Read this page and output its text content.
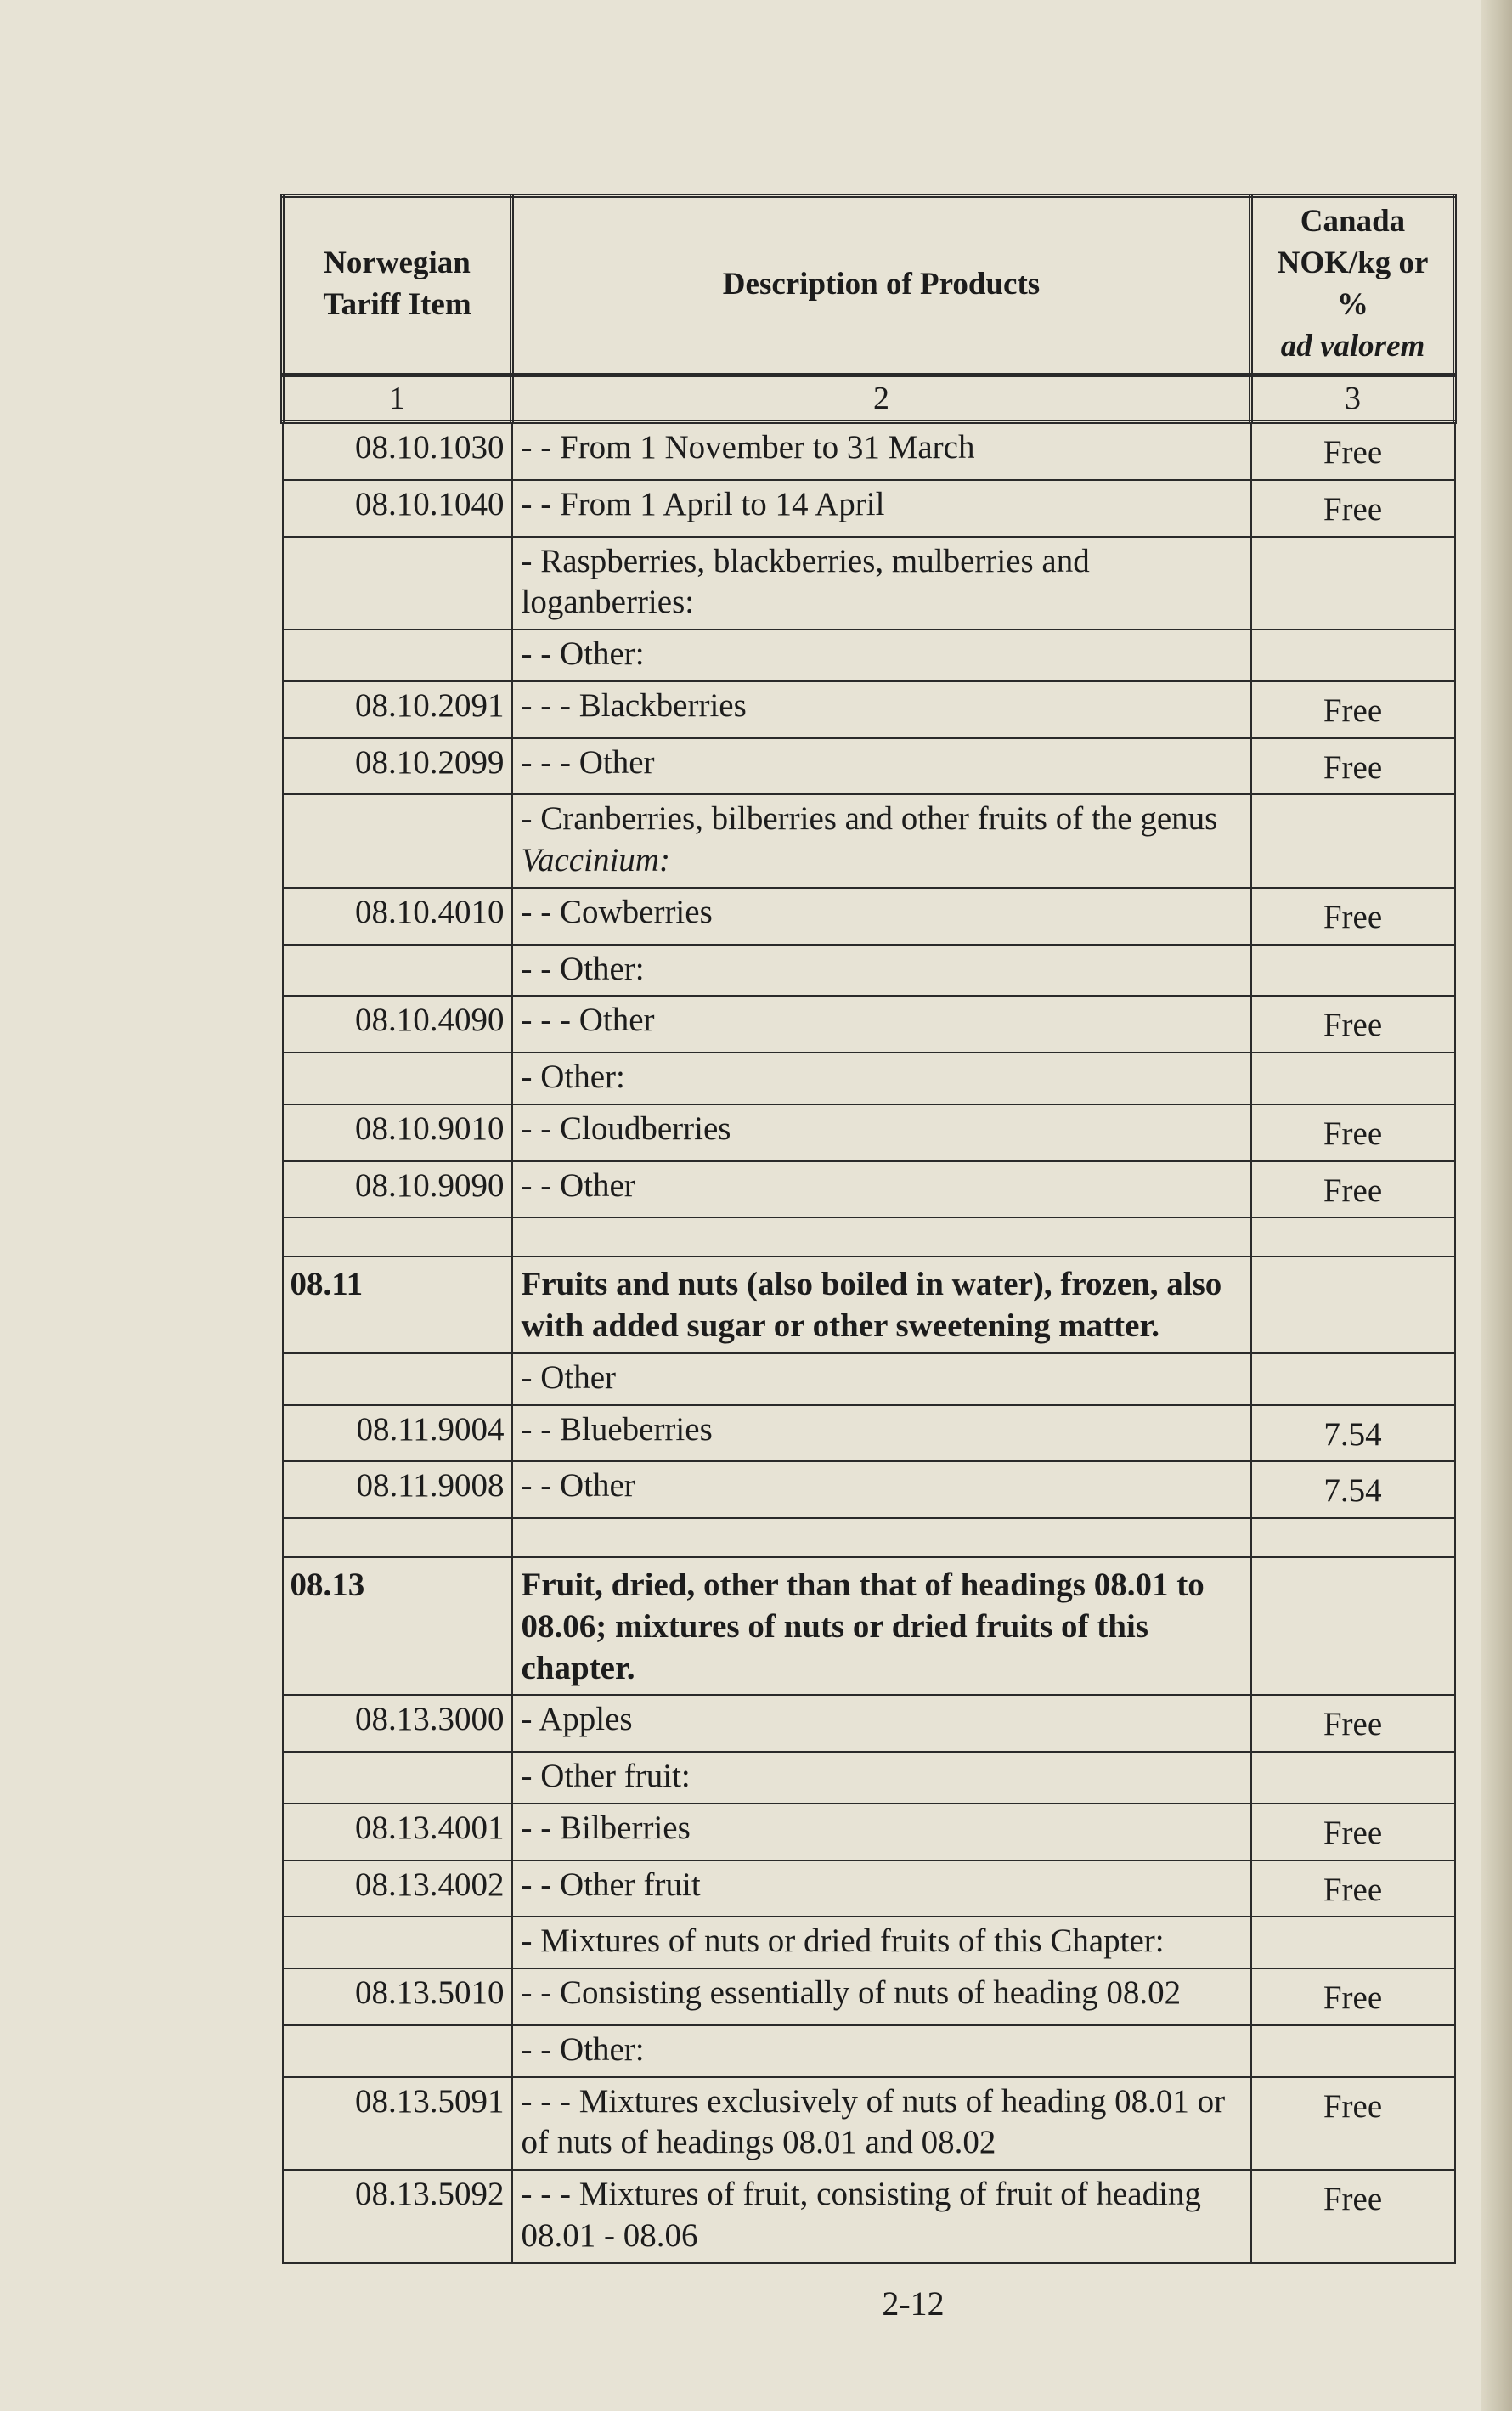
Norwegian Tariff Item	Description of Products	Canada
NOK/kg or
%
ad valorem

1	2	3
08.10.1030	- - From 1 November to 31 March	Free
08.10.1040	- - From 1 April to 14 April	Free
	- Raspberries, blackberries, mulberries and loganberries:	
	- - Other:	
08.10.2091	- - - Blackberries	Free
08.10.2099	- - - Other	Free
	- Cranberries, bilberries and other fruits of the genus Vaccinium:	
08.10.4010	- - Cowberries	Free
	- - Other:	
08.10.4090	- - - Other	Free
	- Other:	
08.10.9010	- - Cloudberries	Free
08.10.9090	- - Other	Free

08.11	Fruits and nuts (also boiled in water), frozen, also with added sugar or other sweetening matter.	
	- Other	
08.11.9004	- - Blueberries	7.54
08.11.9008	- - Other	7.54

08.13	Fruit, dried, other than that of headings 08.01 to 08.06; mixtures of nuts or dried fruits of this chapter.	
08.13.3000	- Apples	Free
	- Other fruit:	
08.13.4001	- - Bilberries	Free
08.13.4002	- - Other fruit	Free
	- Mixtures of nuts or dried fruits of this Chapter:	
08.13.5010	- - Consisting essentially of nuts of heading 08.02	Free
	- - Other:	
08.13.5091	- - - Mixtures exclusively of nuts of heading 08.01 or of nuts of headings 08.01 and 08.02	Free
08.13.5092	- - - Mixtures of fruit, consisting of fruit of heading 08.01 - 08.06	Free
2-12
